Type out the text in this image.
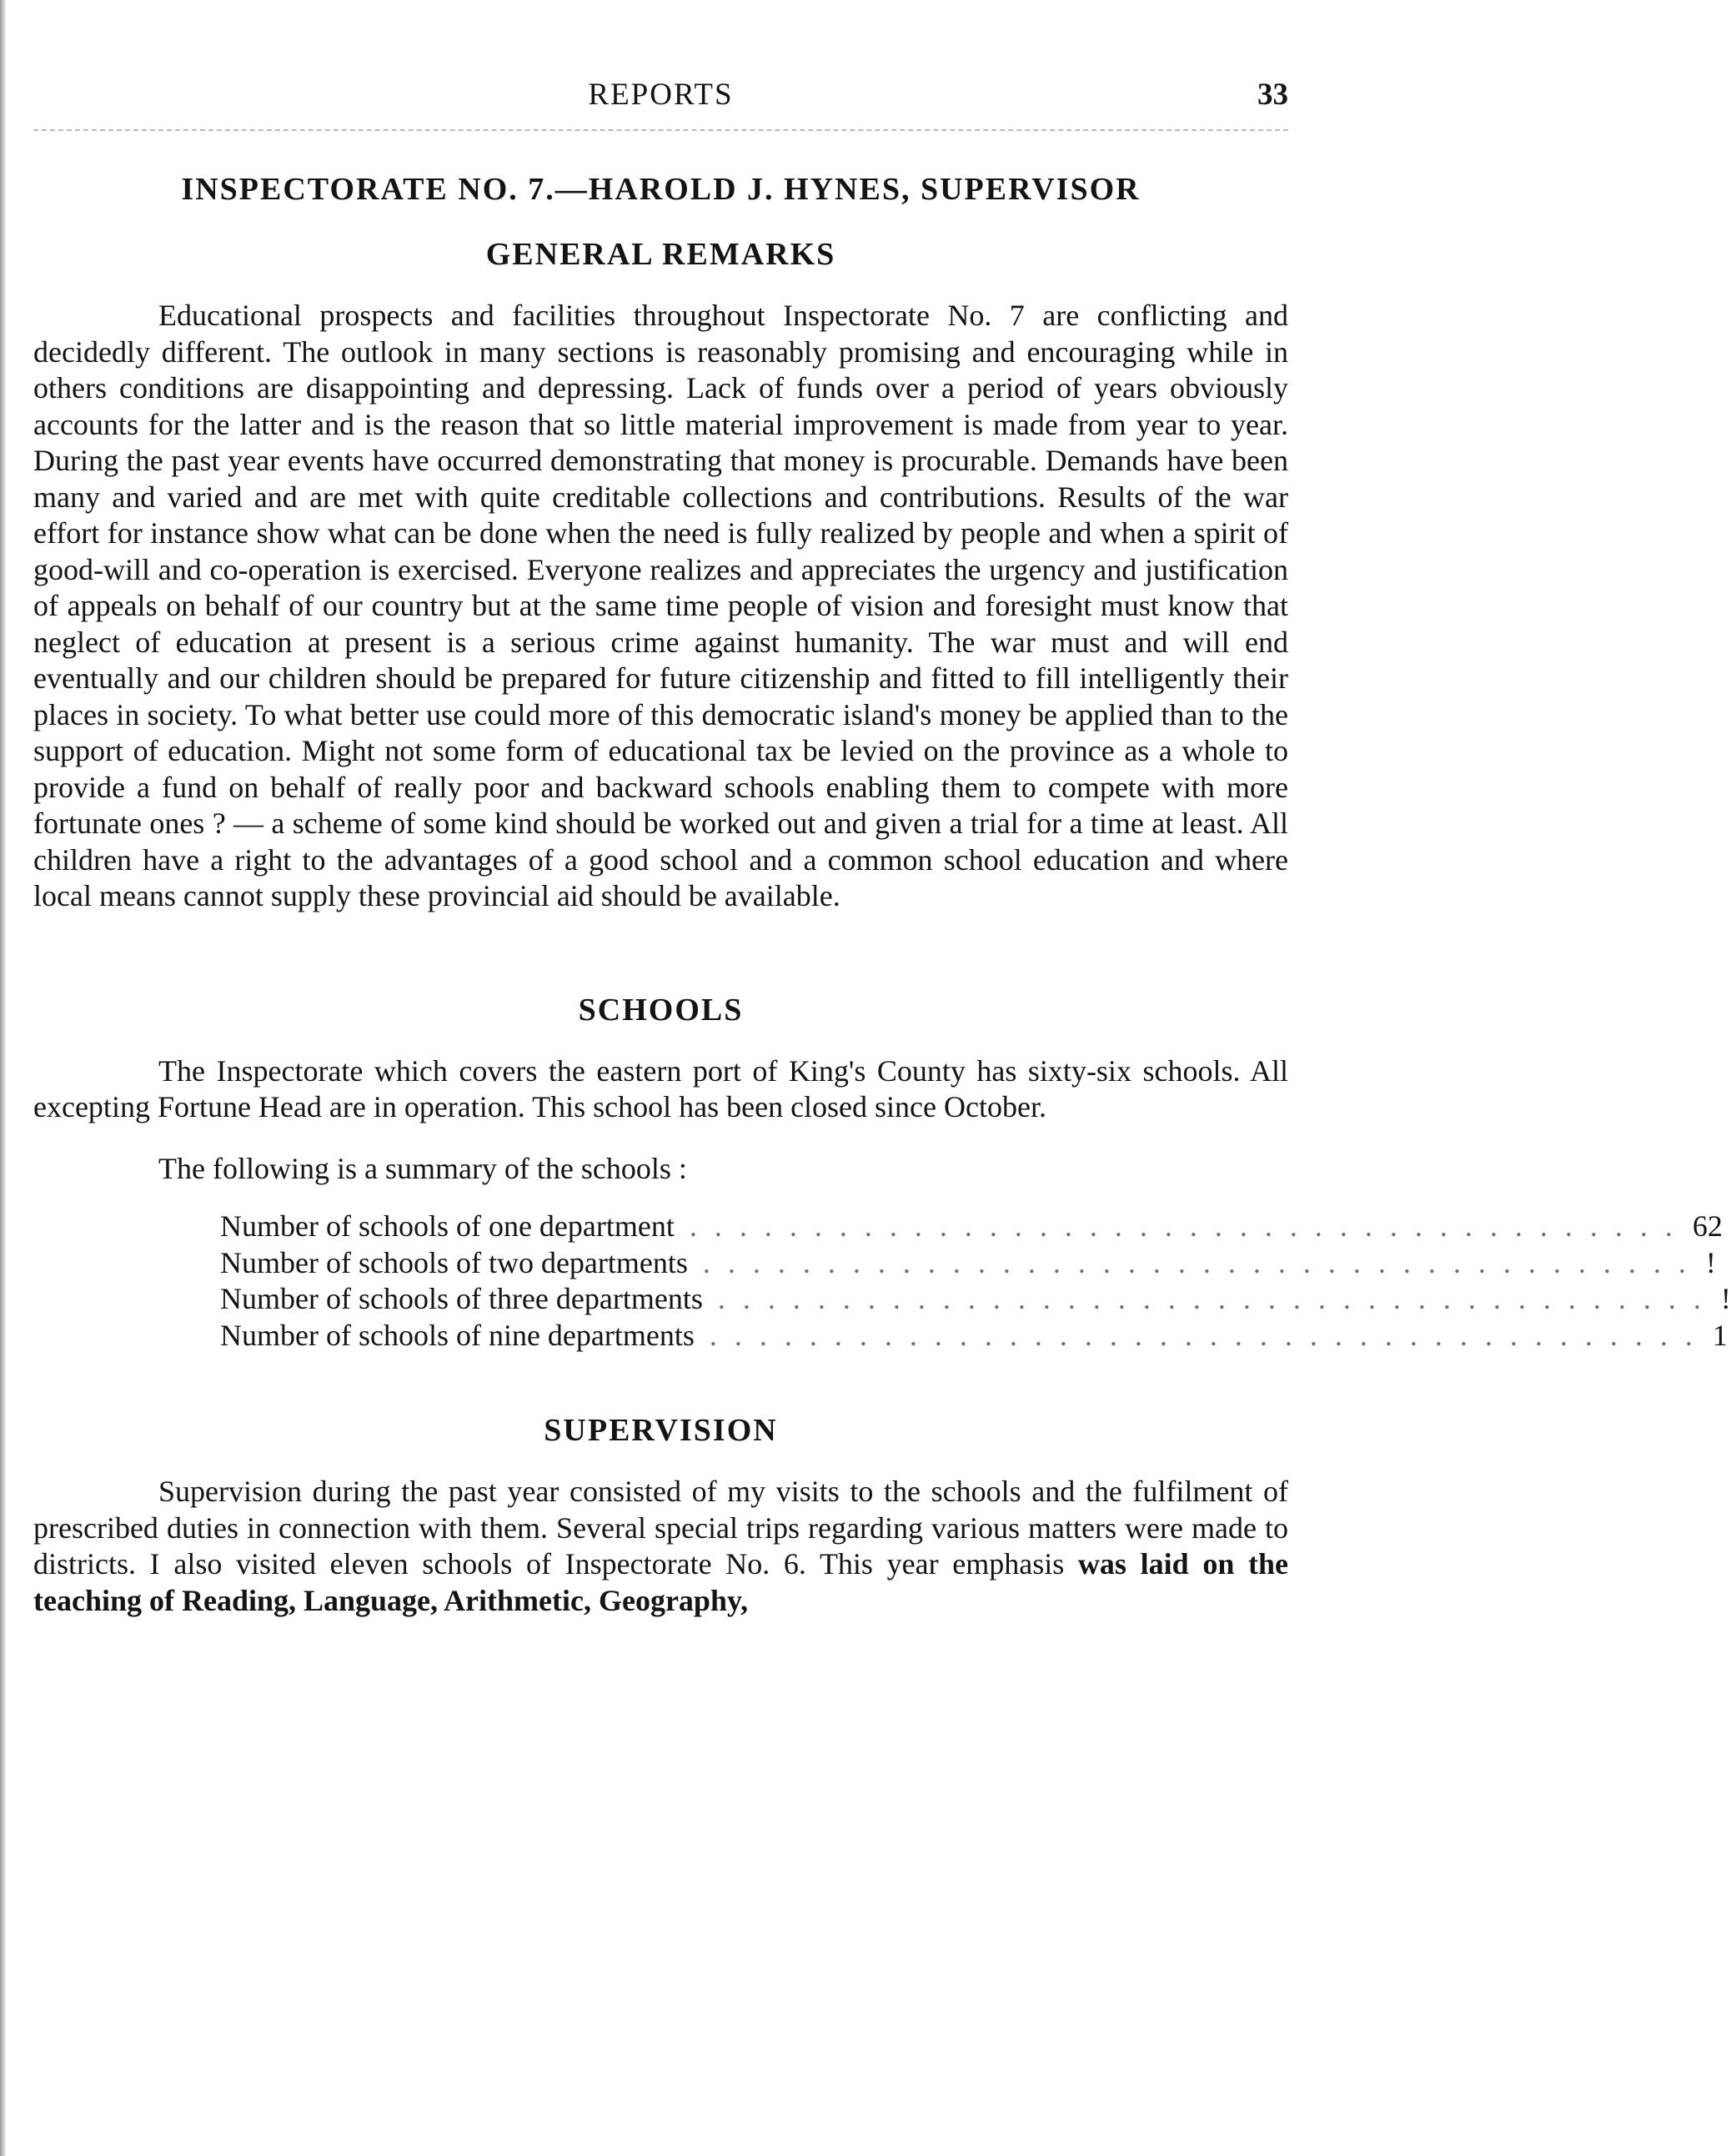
REPORTS	33
INSPECTORATE NO. 7.—HAROLD J. HYNES, SUPERVISOR
GENERAL REMARKS

Educational prospects and facilities throughout Inspectorate No. 7 are conflicting and decidedly different. The outlook in many sections is reasonably promising and encouraging while in others conditions are disappointing and depressing. Lack of funds over a period of years obviously accounts for the latter and is the reason that so little material improvement is made from year to year. During the past year events have occurred demonstrating that money is procurable. Demands have been many and varied and are met with quite creditable collections and contributions. Results of the war effort for instance show what can be done when the need is fully realized by people and when a spirit of good-will and co-operation is exercised. Everyone realizes and appreciates the urgency and justification of appeals on behalf of our country but at the same time people of vision and foresight must know that neglect of education at present is a serious crime against humanity. The war must and will end eventually and our children should be prepared for future citizenship and fitted to fill intelligently their places in society. To what better use could more of this democratic island's money be applied than to the support of education. Might not some form of educational tax be levied on the province as a whole to provide a fund on behalf of really poor and backward schools enabling them to compete with more fortunate ones ? — a scheme of some kind should be worked out and given a trial for a time at least. All children have a right to the advantages of a good school and a common school education and where local means cannot supply these provincial aid should be available.

SCHOOLS

The Inspectorate which covers the eastern port of King's County has sixty-six schools. All excepting Fortune Head are in operation. This school has been closed since October.

The following is a summary of the schools :

Number of schools of one department . . . . . . . . . . . . . . . . . . . . . . . . . . . . . . . . . . . . . . . . 62
Number of schools of two departments . . . . . . . . . . . . . . . . . . . . . . . . . . . . . . . . . . . . . . . . !
Number of schools of three departments . . . . . . . . . . . . . . . . . . . . . . . . . . . . . . . . . . . . . . . . !
Number of schools of nine departments . . . . . . . . . . . . . . . . . . . . . . . . . . . . . . . . . . . . . . . . 1
SUPERVISION

Supervision during the past year consisted of my visits to the schools and the fulfilment of prescribed duties in connection with them. Several special trips regarding various matters were made to districts. I also visited eleven schools of Inspectorate No. 6. This year emphasis was laid on the teaching of Reading, Language, Arithmetic, Geography,
